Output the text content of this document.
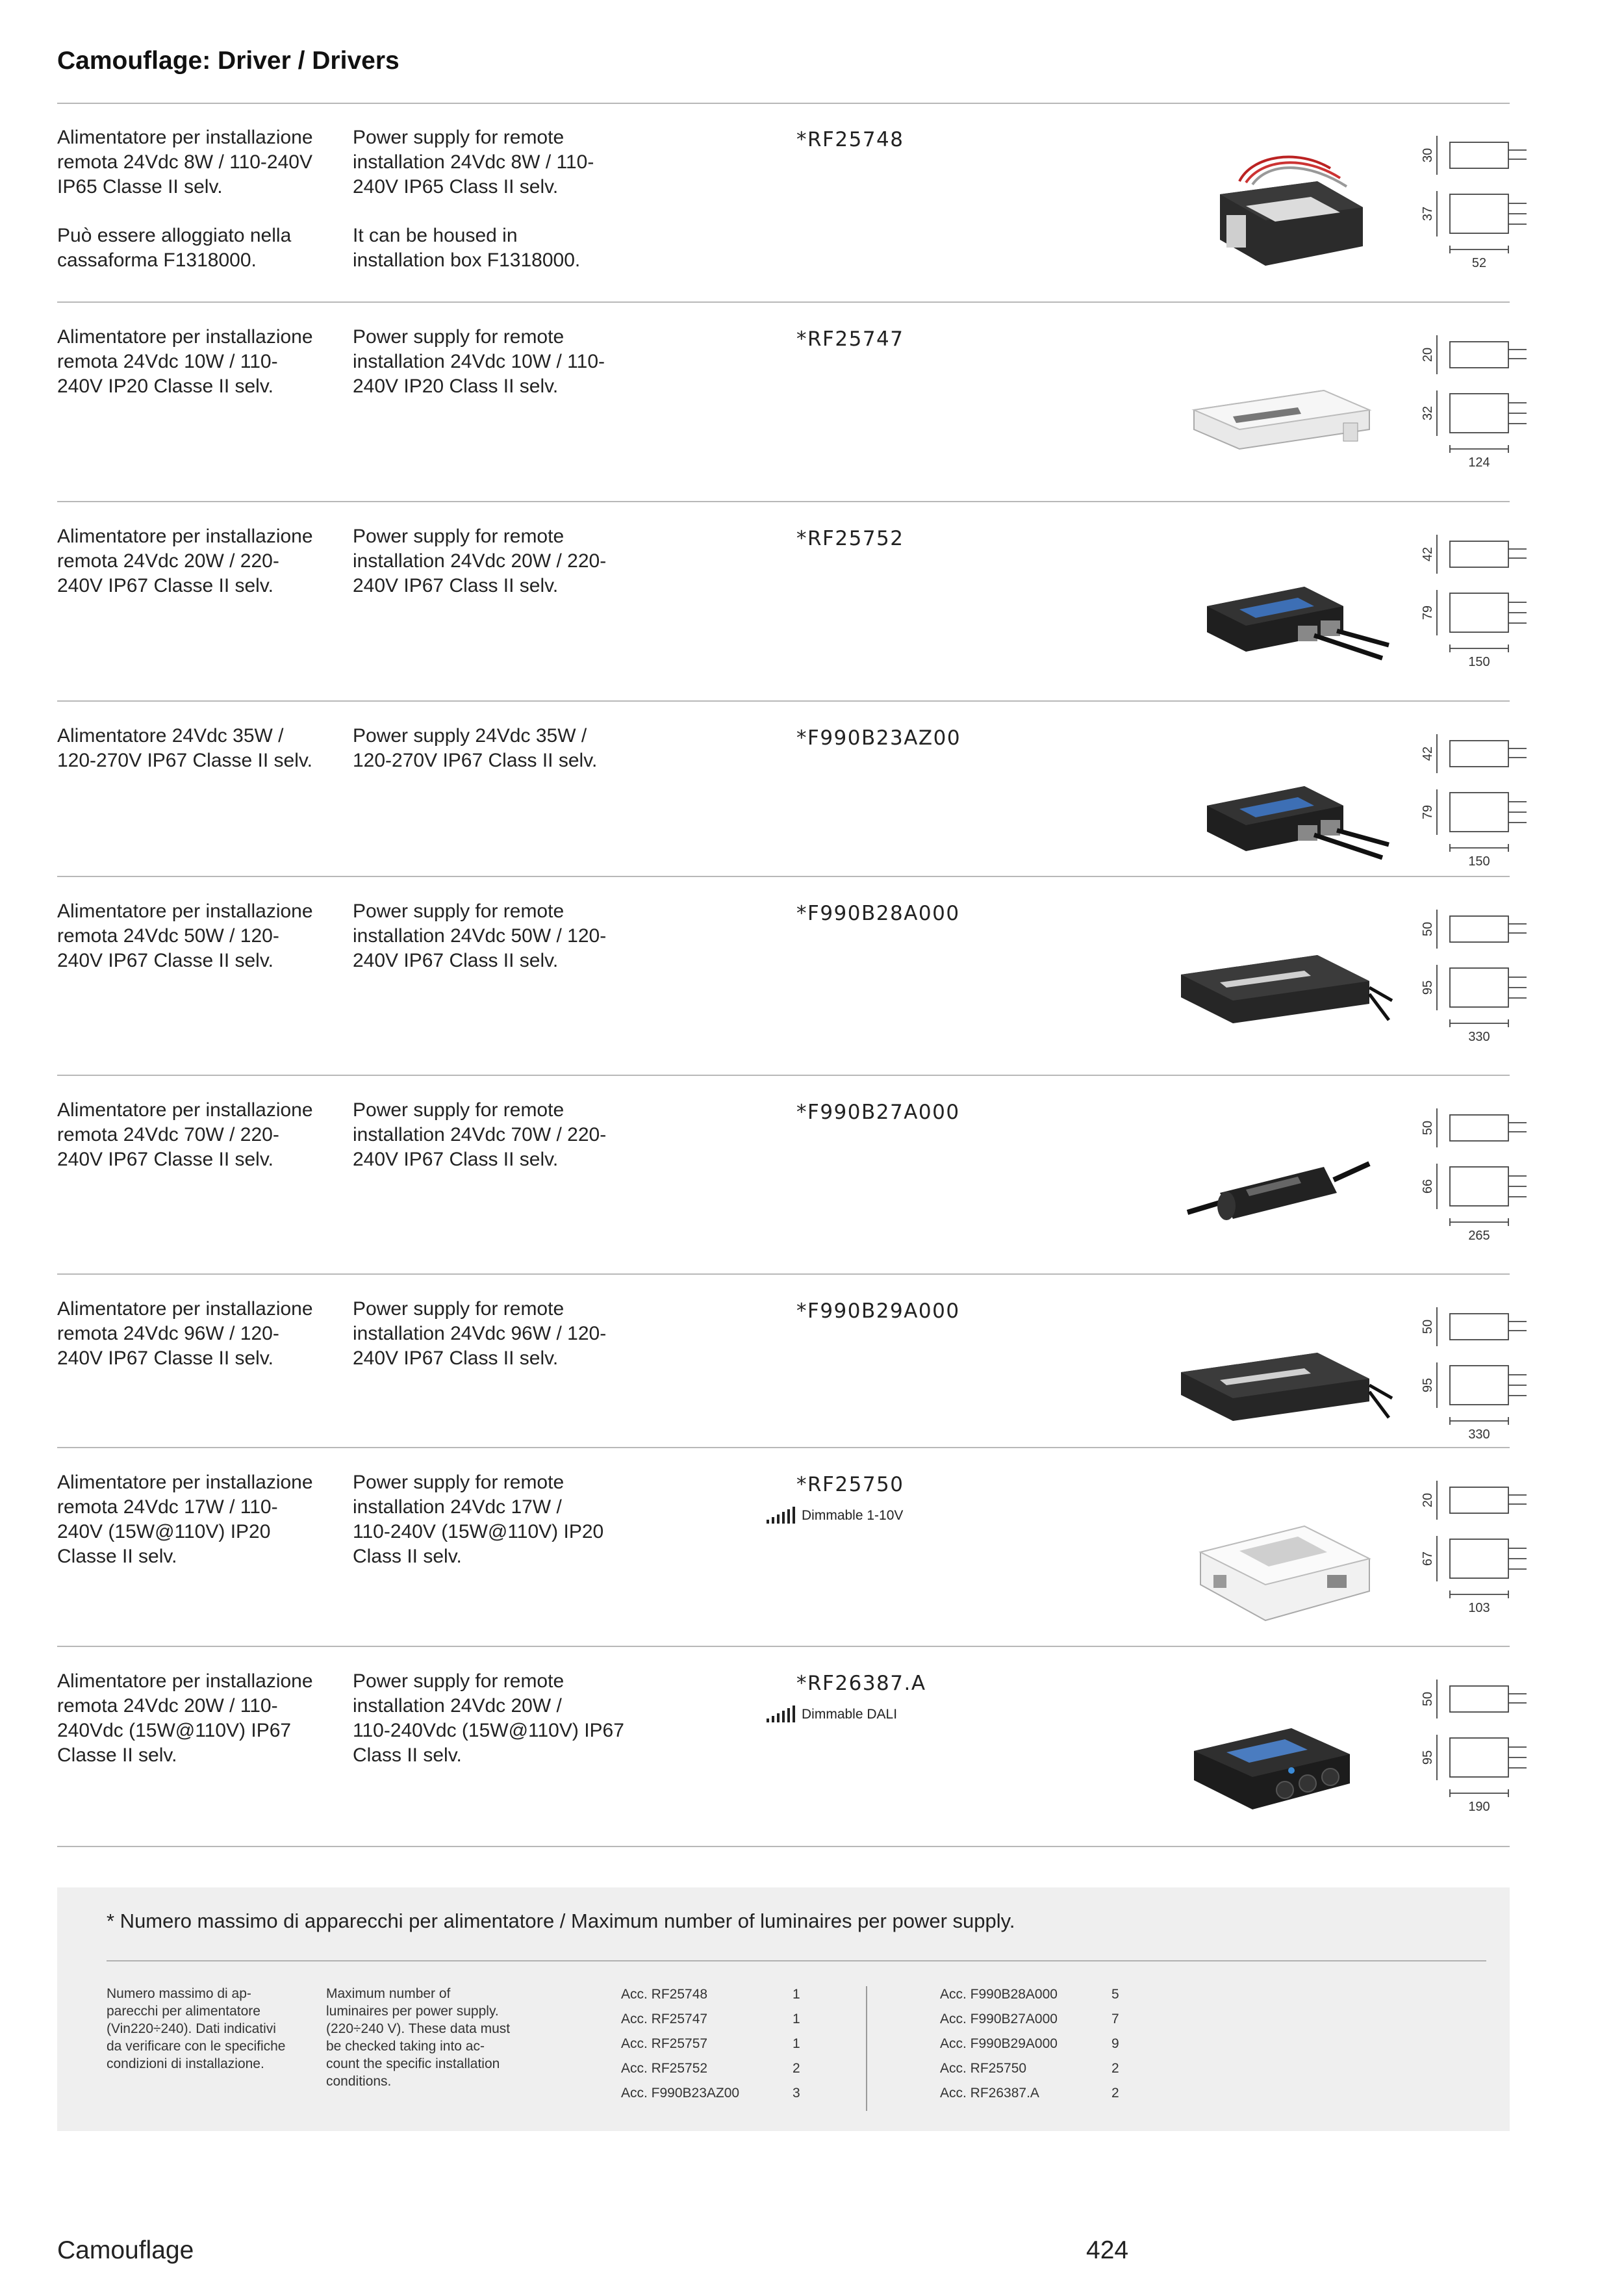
Camouflage: Driver / Drivers

Alimentatore per installazione
remota 24Vdc 8W / 110-240V
IP65 Classe II selv.

Può essere alloggiato nella
cassaforma F1318000.

Power supply for remote
installation 24Vdc 8W / 110-
240V IP65 Class II selv.

It can be housed in
installation box F1318000.

*RF25748
30
37
52

Alimentatore per installazione
remota 24Vdc 10W / 110-
240V IP20 Classe II selv.

Power supply for remote
installation 24Vdc 10W / 110-
240V IP20 Class II selv.

*RF25747
20
32
124

Alimentatore per installazione
remota 24Vdc 20W / 220-
240V IP67 Classe II selv.

Power supply for remote
installation 24Vdc 20W / 220-
240V IP67 Class II selv.

*RF25752
42
79
150

Alimentatore 24Vdc 35W /
120-270V IP67 Classe II selv.

Power supply 24Vdc 35W /
120-270V IP67 Class II selv.

*F990B23AZ00
42
79
150

Alimentatore per installazione
remota 24Vdc 50W / 120-
240V IP67 Classe II selv.

Power supply for remote
installation 24Vdc 50W / 120-
240V IP67 Class II selv.

*F990B28A000
50
95
330

Alimentatore per installazione
remota 24Vdc 70W / 220-
240V IP67 Classe II selv.

Power supply for remote
installation 24Vdc 70W / 220-
240V IP67 Class II selv.

*F990B27A000
50
66
265

Alimentatore per installazione
remota 24Vdc 96W / 120-
240V IP67 Classe II selv.

Power supply for remote
installation 24Vdc 96W / 120-
240V IP67 Class II selv.

*F990B29A000
50
95
330

Alimentatore per installazione
remota 24Vdc 17W / 110-
240V (15W@110V) IP20
Classe II selv.

Power supply for remote
installation 24Vdc 17W /
110-240V (15W@110V) IP20
Class II selv.

*RF25750
Dimmable 1-10V
20
67
103

Alimentatore per installazione
remota 24Vdc 20W / 110-
240Vdc (15W@110V) IP67
Classe II selv.

Power supply for remote
installation 24Vdc 20W /
110-240Vdc (15W@110V) IP67
Class II selv.

*RF26387.A
Dimmable DALI
50
95
190
* Numero massimo di apparecchi per alimentatore / Maximum number of luminaires per power supply.
Numero massimo di ap-
parecchi per alimentatore
(Vin220÷240). Dati indicativi
da verificare con le specifiche
condizioni di installazione.
Maximum number of
luminaires per power supply.
(220÷240 V). These data must
be checked taking into ac-
count the specific installation
conditions.
Acc. RF25748	1
Acc. RF25747	1
Acc. RF25757	1
Acc. RF25752	2
Acc. F990B23AZ00	3
Acc. F990B28A000	5
Acc. F990B27A000	7
Acc. F990B29A000	9
Acc. RF25750	2
Acc. RF26387.A	2
Camouflage	424
